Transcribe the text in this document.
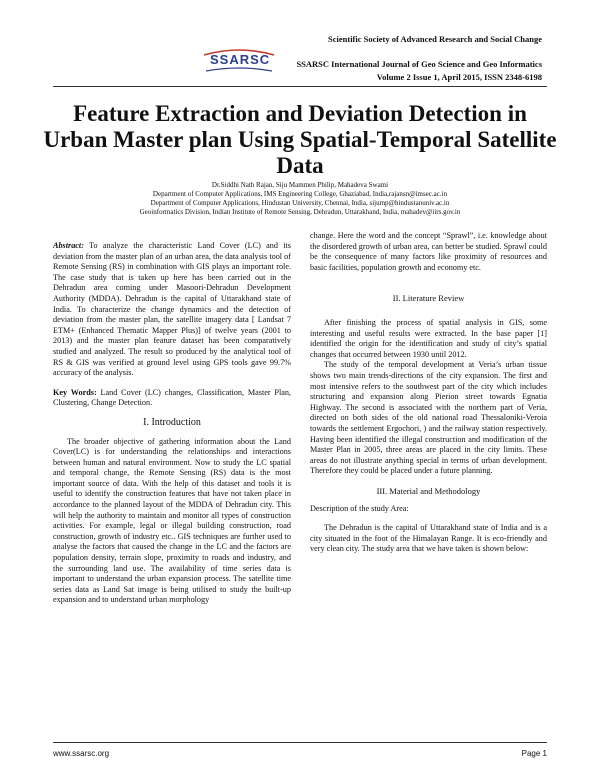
Scientific Society of Advanced Research and Social Change
SSARSC	SSARSC International Journal of Geo Science and Geo Informatics
Volume 2 Issue 1, April 2015, ISSN 2348-6198
Feature Extraction and Deviation Detection in Urban Master plan Using Spatial-Temporal Satellite Data
Dr.Siddhi Nath Rajan, Siju Mammen Philip, Mahadeva Swami
Department of Computer Applications, IMS Engineering College, Ghaziabad, India,rajansn@imsec.ac.in
Department of Computer Applications, Hindustan University, Chennai, India, sijump@hindustanuniv.ac.in
Geoinformatics Division, Indian Institute of Remote Sensing, Dehradun, Uttarakhand, India, mahadev@iirs.gov.in

Abstract: To analyze the characteristic Land Cover (LC) and its deviation from the master plan of an urban area, the data analysis tool of Remote Sensing (RS) in combination with GIS plays an important role. The case study that is taken up here has been carried out in the Dehradun area coming under Masoori-Dehradun Development Authority (MDDA). Dehradun is the capital of Uttarakhand state of India. To characterize the change dynamics and the detection of deviation from the master plan, the satellite imagery data [ Landsat 7 ETM+ (Enhanced Thematic Mapper Plus)] of twelve years (2001 to 2013) and the master plan feature dataset has been comparatively studied and analyzed. The result so produced by the analytical tool of RS & GIS was verified at ground level using GPS tools gave 99.7% accuracy of the analysis.

Key Words: Land Cover (LC) changes, Classification, Master Plan, Clustering, Change Detection.

I. Introduction

The broader objective of gathering information about the Land Cover(LC) is for understanding the relationships and interactions between human and natural environment. Now to study the LC spatial and temporal change, the Remote Sensing (RS) data is the most important source of data. With the help of this dataset and tools it is useful to identify the construction features that have not taken place in accordance to the planned layout of the MDDA of Dehradun city. This will help the authority to maintain and monitor all types of construction activities. For example, legal or illegal building construction, road construction, growth of industry etc.. GIS techniques are further used to analyse the factors that caused the change in the LC and the factors are population density, terrain slope, proximity to roads and industry, and the surrounding land use. The availability of time series data is important to understand the urban expansion process. The satellite time series data as Land Sat image is being utilised to study the built-up expansion and to understand urban morphology

change. Here the word and the concept “Sprawl”, i.e. knowledge about the disordered growth of urban area, can better be studied. Sprawl could be the consequence of many factors like proximity of resources and basic facilities, population growth and economy etc.

II. Literature Review

After finishing the process of spatial analysis in GIS, some interesting and useful results were extracted. In the base paper [1] identified the origin for the identification and study of city’s spatial changes that occurred between 1930 until 2012.

The study of the temporal development at Veria’s urban tissue shows two main trends-directions of the city expansion. The first and most intensive refers to the southwest part of the city which includes structuring and expansion along Pierion street towards Egnatia Highway. The second is associated with the northern part of Veria, directed on both sides of the old national road Thessaloniki-Veroia towards the settlement Ergochori, ) and the railway station respectively. Having been identified the illegal construction and modification of the Master Plan in 2005, three areas are placed in the city limits. These areas do not illustrate anything special in terms of urban development. Therefore they could be placed under a future planning.

III. Material and Methodology

Description of the study Area:

The Dehradun is the capital of Uttarakhand state of India and is a city situated in the foot of the Himalayan Range. It is eco-friendly and very clean city. The study area that we have taken is shown below:

www.ssarsc.org	Page 1
